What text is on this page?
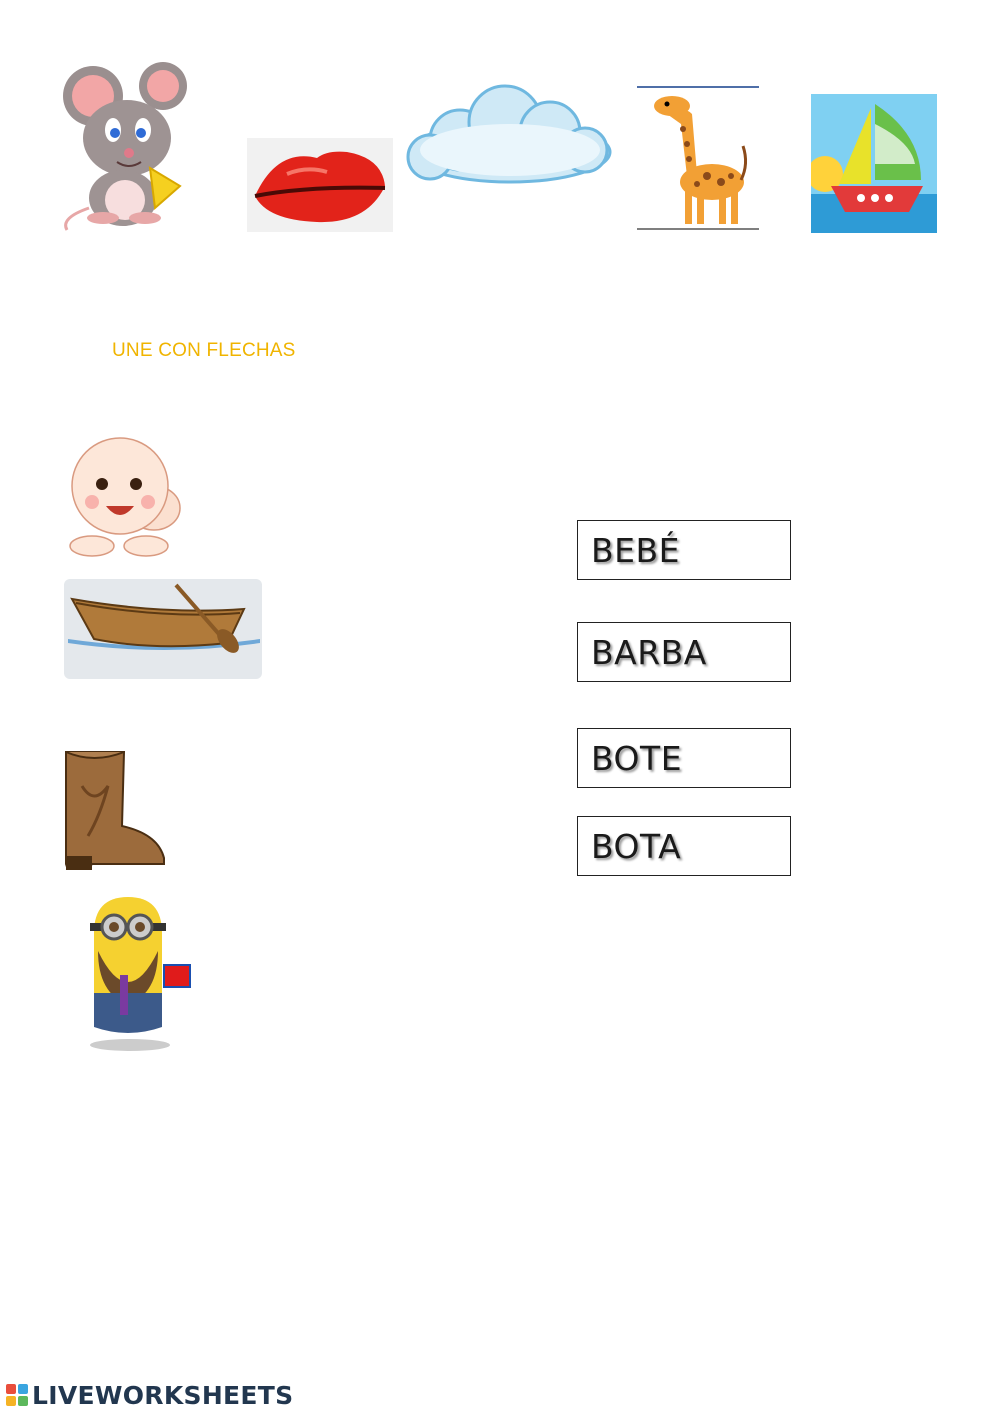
UNE CON FLECHAS
BEBÉ
BARBA
BOTE
BOTA
LIVEWORKSHEETS
